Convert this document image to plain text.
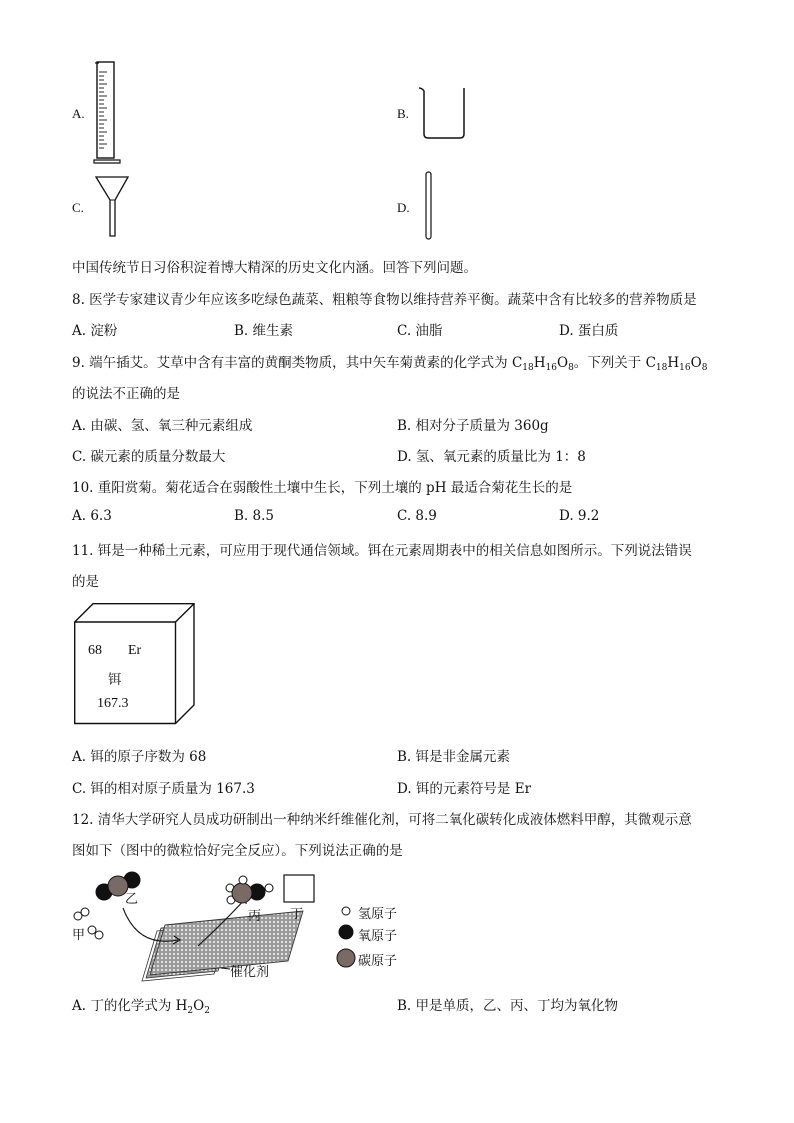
A.	B.
C.	D.
中国传统节日习俗积淀着博大精深的历史文化内涵。回答下列问题。
8. 医学专家建议青少年应该多吃绿色蔬菜、粗粮等食物以维持营养平衡。蔬菜中含有比较多的营养物质是
A. 淀粉	B. 维生素	C. 油脂	D. 蛋白质
9. 端午插艾。艾草中含有丰富的黄酮类物质，其中矢车菊黄素的化学式为 $C_{18}H_{16}O_8$。下列关于 $C_{18}H_{16}O_8$
的说法不正确的是
A. 由碳、氢、氧三种元素组成	B. 相对分子质量为 360g
C. 碳元素的质量分数最大	D. 氢、氧元素的质量比为 1：8
10. 重阳赏菊。菊花适合在弱酸性土壤中生长，下列土壤的 pH 最适合菊花生长的是
A. 6.3	B. 8.5	C. 8.9	D. 9.2
11. 铒是一种稀土元素，可应用于现代通信领域。铒在元素周期表中的相关信息如图所示。下列说法错误
的是
68 Er
铒
167.3
A. 铒的原子序数为 68	B. 铒是非金属元素
C. 铒的相对原子质量为 167.3	D. 铒的元素符号是 Er
12. 清华大学研究人员成功研制出一种纳米纤维催化剂，可将二氧化碳转化成液体燃料甲醇，其微观示意
图如下（图中的微粒恰好完全反应）。下列说法正确的是
乙
甲
丙 丁
催化剂
氢原子
氧原子
碳原子
A. 丁的化学式为 $H_2O_2$	B. 甲是单质，乙、丙、丁均为氧化物
